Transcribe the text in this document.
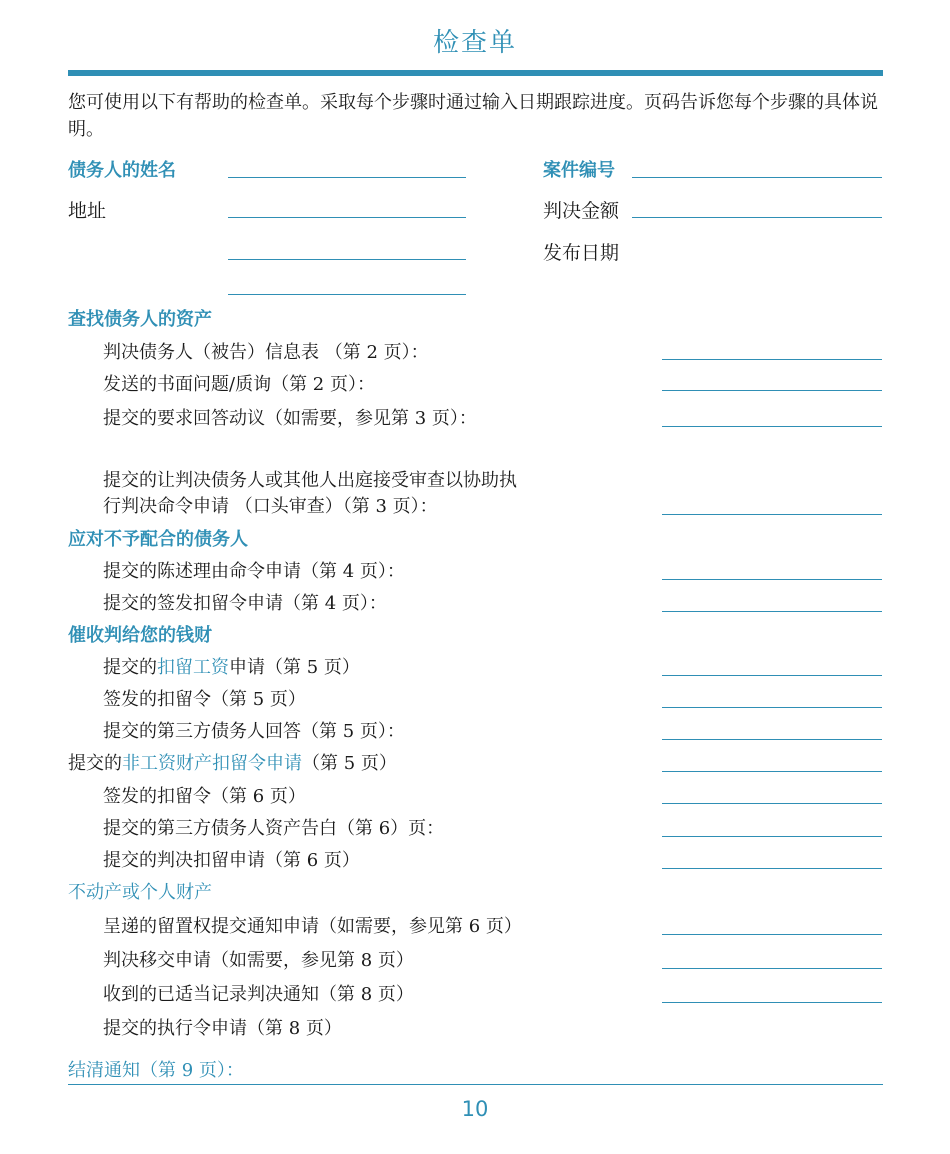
检查单
您可使用以下有帮助的检查单。采取每个步骤时通过输入日期跟踪进度。页码告诉您每个步骤的具体说明。
债务人的姓名	案件编号
地址	判决金额
发布日期
查找债务人的资产
判决债务人（被告）信息表 （第 2 页）：
发送的书面问题/质询（第 2 页）：
提交的要求回答动议（如需要，参见第 3 页）：
提交的让判决债务人或其他人出庭接受审查以协助执
行判决命令申请 （口头审查）（第 3 页）：
应对不予配合的债务人
提交的陈述理由命令申请（第 4 页）：
提交的签发扣留令申请（第 4 页）：
催收判给您的钱财
提交的扣留工资申请（第 5 页）
签发的扣留令（第 5 页）
提交的第三方债务人回答（第 5 页）：
提交的非工资财产扣留令申请（第 5 页）
签发的扣留令（第 6 页）
提交的第三方债务人资产告白（第 6）页：
提交的判决扣留申请（第 6 页）
不动产或个人财产
呈递的留置权提交通知申请（如需要，参见第 6 页）
判决移交申请（如需要，参见第 8 页）
收到的已适当记录判决通知（第 8 页）
提交的执行令申请（第 8 页）
结清通知（第 9 页）：
10
